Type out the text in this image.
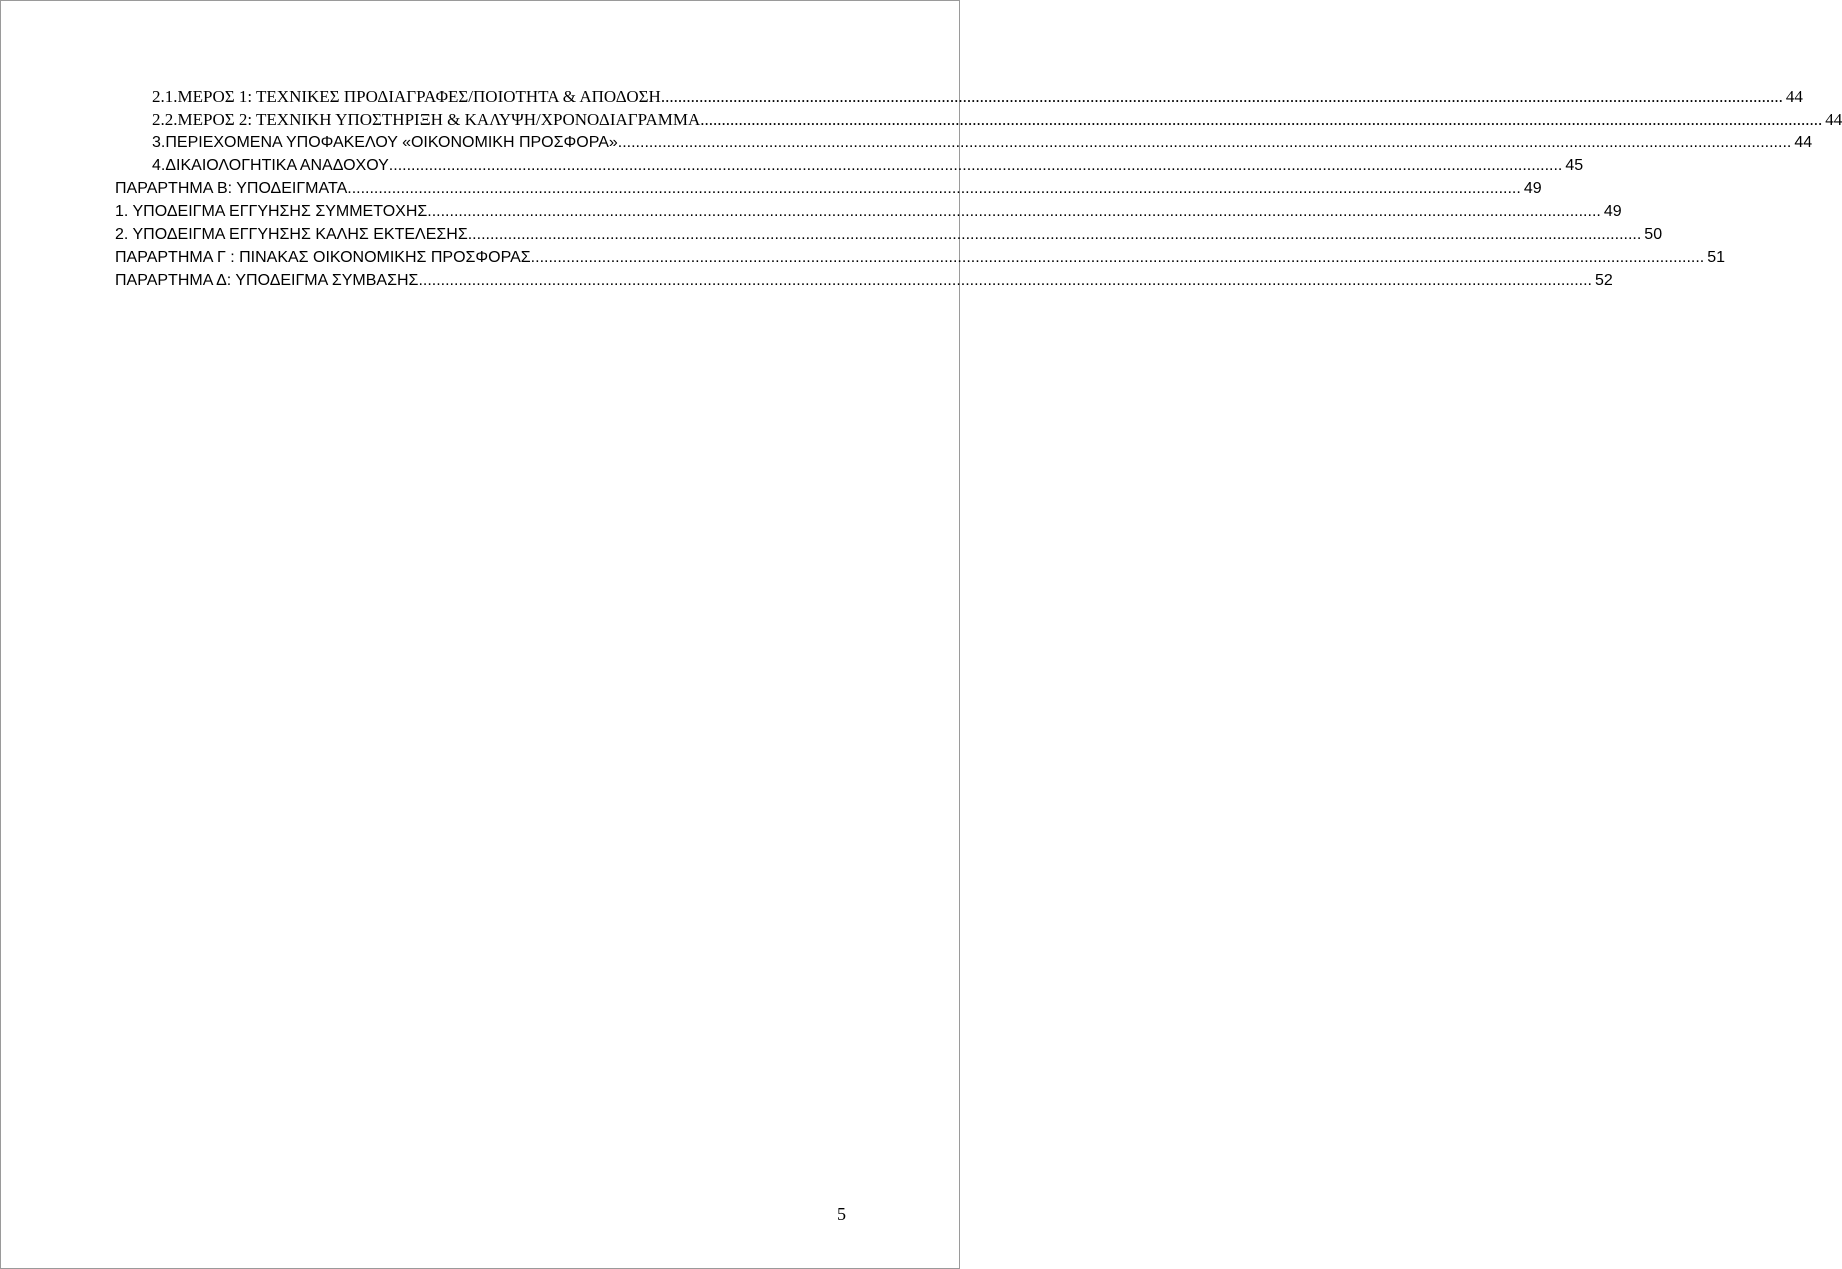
2.1. ΜΕΡΟΣ 1: ΤΕΧΝΙΚΕΣ ΠΡΟΔΙΑΓΡΑΦΕΣ/ΠΟΙΟΤΗΤΑ & ΑΠΟΔΟΣΗ .....	44
2.2. ΜΕΡΟΣ 2: ΤΕΧΝΙΚΗ ΥΠΟΣΤΗΡΙΞΗ & ΚΑΛΥΨΗ/ΧΡΟΝΟΔΙΑΓΡΑΜΜΑ .....	44
3. ΠΕΡΙΕΧΟΜΕΝΑ ΥΠΟΦΑΚΕΛΟΥ «ΟΙΚΟΝΟΜΙΚΗ ΠΡΟΣΦΟΡΑ» .....	44
4. ΔΙΚΑΙΟΛΟΓΗΤΙΚΑ ΑΝΑΔΟΧΟΥ .....	45
ΠΑΡΑΡΤΗΜΑ Β: ΥΠΟΔΕΙΓΜΑΤΑ .....	49
1. ΥΠΟΔΕΙΓΜΑ ΕΓΓΥΗΣΗΣ ΣΥΜΜΕΤΟΧΗΣ .....	49
2. ΥΠΟΔΕΙΓΜΑ ΕΓΓΥΗΣΗΣ ΚΑΛΗΣ ΕΚΤΕΛΕΣΗΣ .....	50
ΠΑΡΑΡΤΗΜΑ Γ : ΠΙΝΑΚΑΣ ΟΙΚΟΝΟΜΙΚΗΣ ΠΡΟΣΦΟΡΑΣ .....	51
ΠΑΡΑΡΤΗΜΑ Δ: ΥΠΟΔΕΙΓΜΑ ΣΥΜΒΑΣΗΣ .....	52
5
